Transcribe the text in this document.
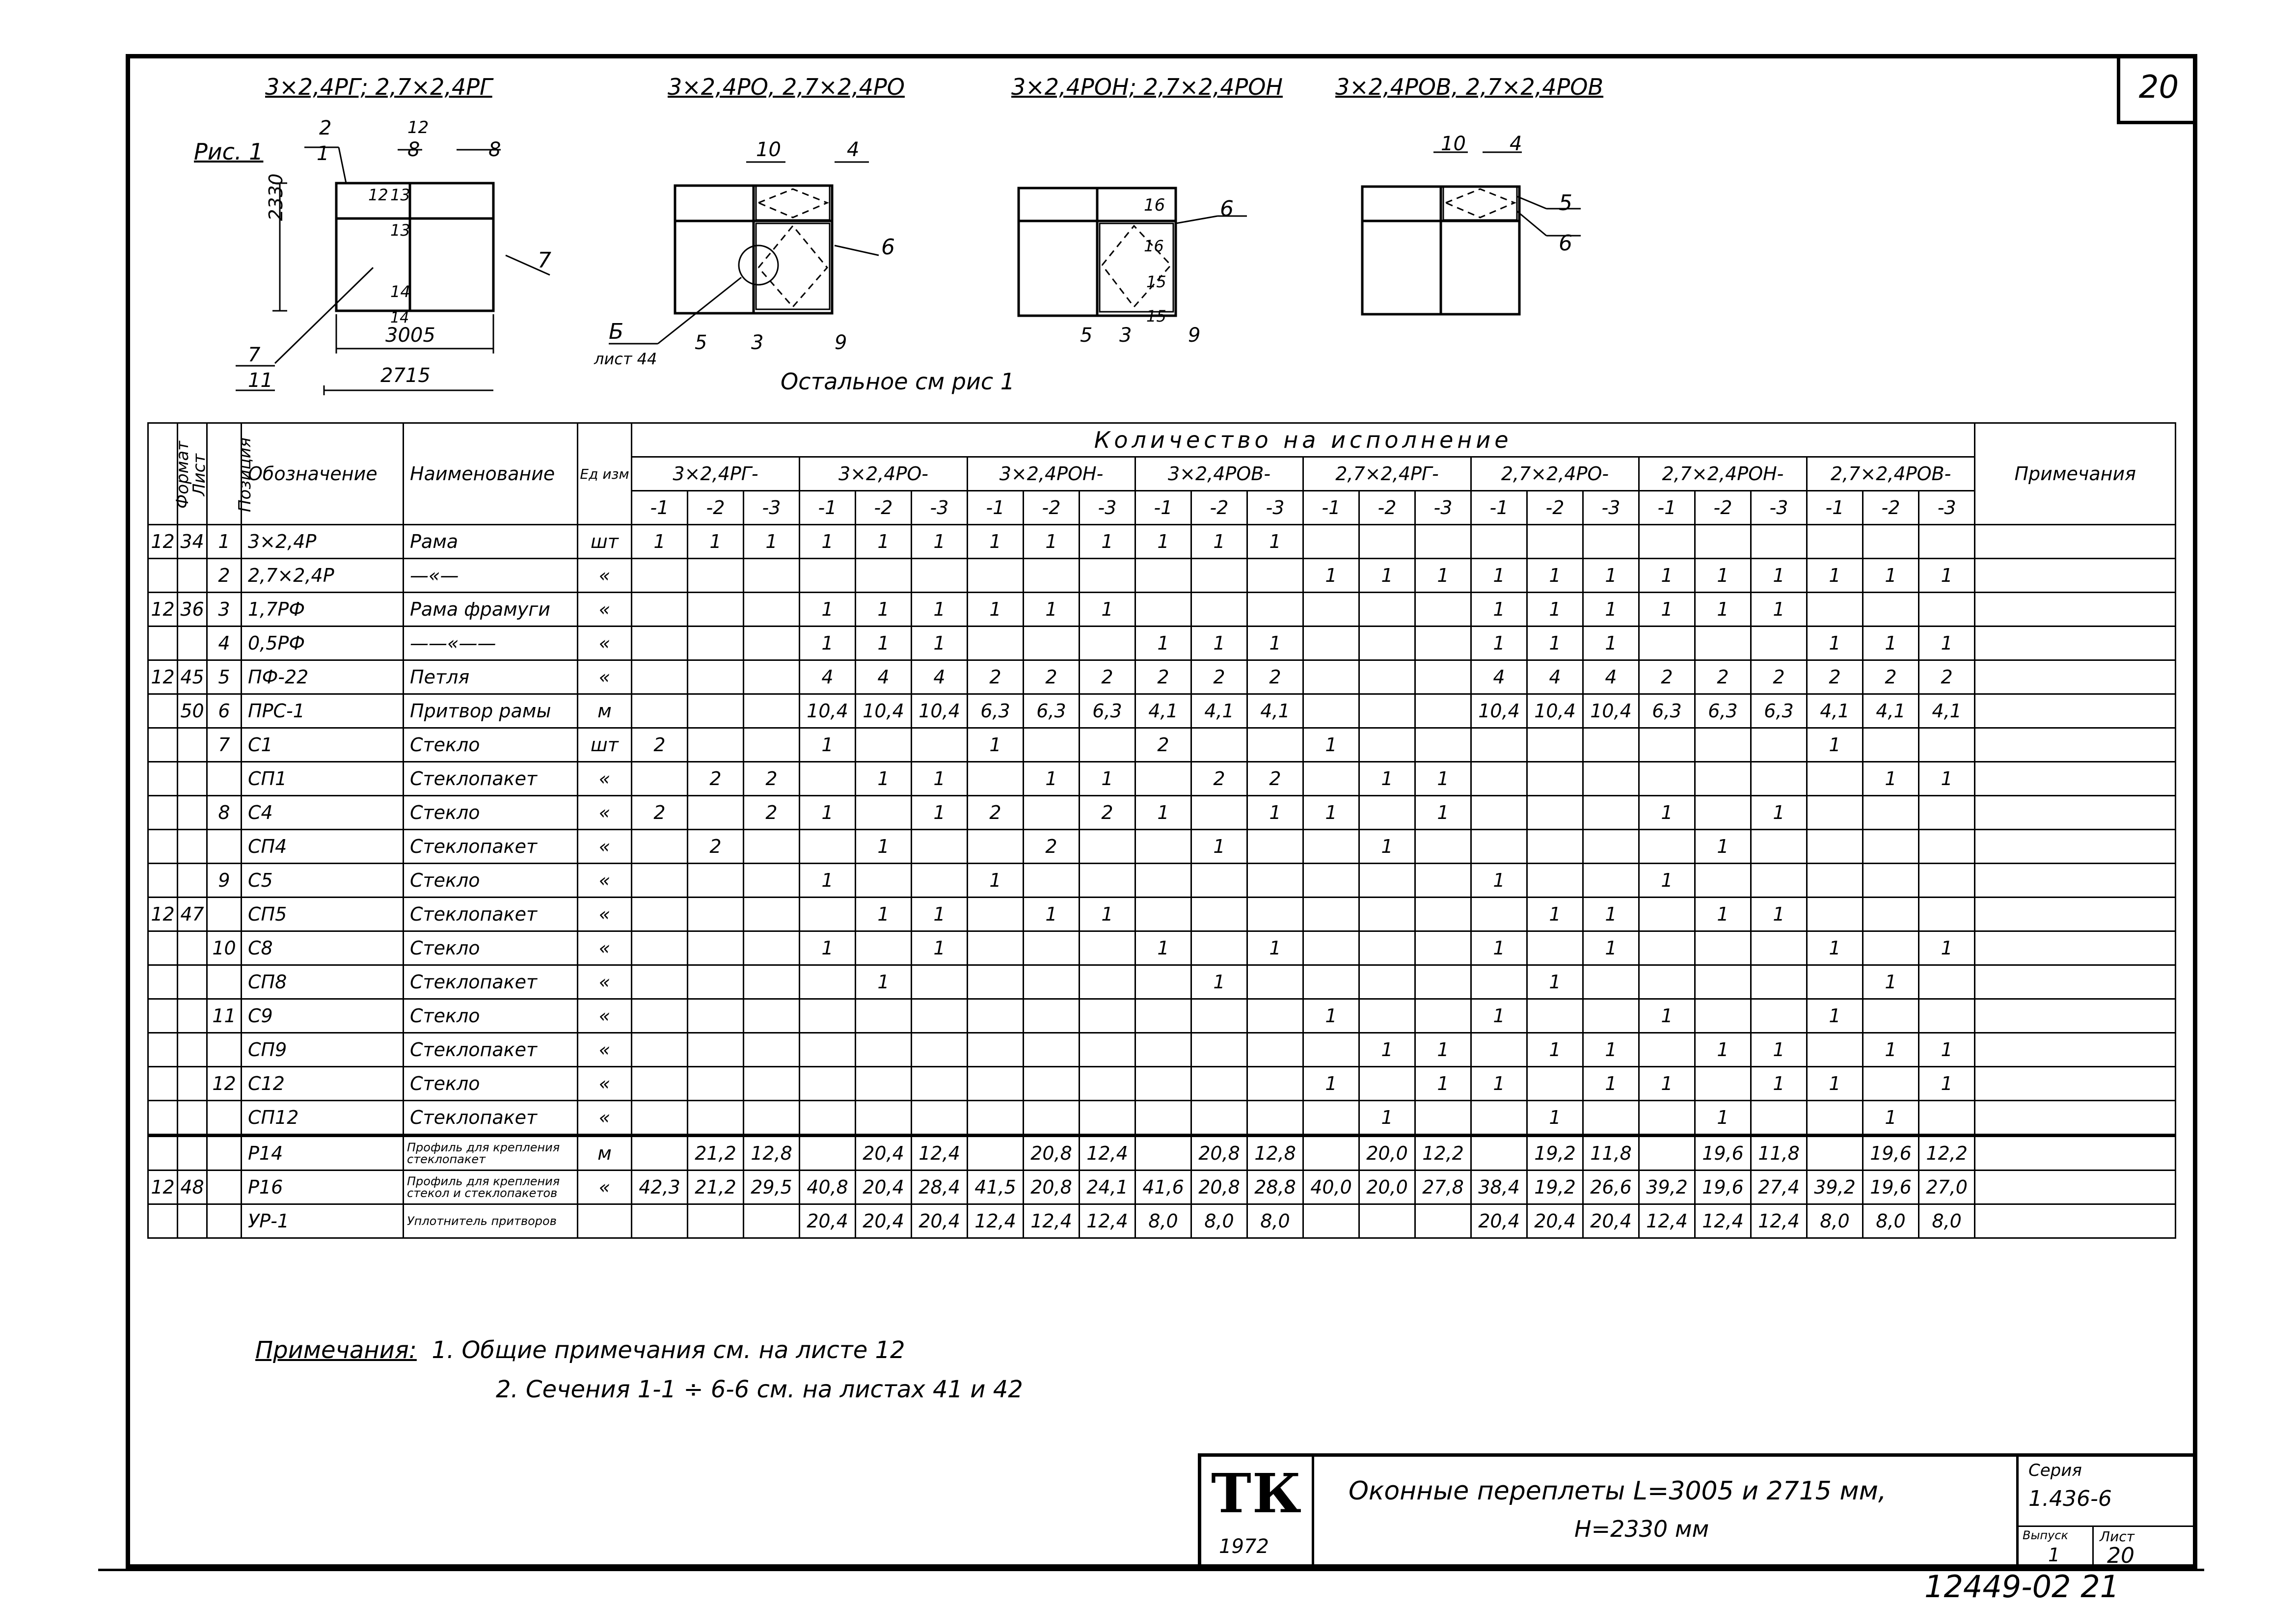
20
3×2,4РГ; 2,7×2,4РГ	3×2,4РО, 2,7×2,4РО	3×2,4РОН; 2,7×2,4РОН 3×2,4РОВ, 2,7×2,4РОВ
Рис. 1
2330
3005
2715
2
1
12
8	8
12 13
13
7
14
14
7
11
10	4
6
Б
лист 44
5 3	9
16
16
6
15
5 3
15
9
10 4
5
6
Остальное см рис 1
Формат	Лист	Позиция	Обозначение	Наименование	Ед изм	Количество на исполнение																								Примечания
						3×2,4РГ-			3×2,4РО-			3×2,4РОН-			3×2,4РОВ-			2,7×2,4РГ-			2,7×2,4РО-			2,7×2,4РОН-			2,7×2,4РОВ-			
						-1	-2	-3	-1	-2	-3	-1	-2	-3	-1	-2	-3	-1	-2	-3	-1	-2	-3	-1	-2	-3	-1	-2	-3	
12	34	1	3×2,4Р	Рама	шт	1	1	1	1	1	1	1	1	1	1	1	1													
		2	2,7×2,4Р	—«—	«													1	1	1	1	1	1	1	1	1	1	1	1	
12	36	3	1,7РФ	Рама фрамуги	«				1	1	1	1	1	1							1	1	1	1	1	1				
		4	0,5РФ	——«——	«				1	1	1				1	1	1				1	1	1				1	1	1	
12	45	5	ПФ-22	Петля	«				4	4	4	2	2	2	2	2	2				4	4	4	2	2	2	2	2	2	
	50	6	ПРС-1	Притвор рамы	м				10,4	10,4	10,4	6,3	6,3	6,3	4,1	4,1	4,1				10,4	10,4	10,4	6,3	6,3	6,3	4,1	4,1	4,1	
		7	С1	Стекло	шт	2			1			1			2			1									1			
			СП1	Стеклопакет	«		2	2		1	1		1	1		2	2		1	1								1	1	
		8	С4	Стекло	«	2		2	1		1	2		2	1		1	1		1				1		1				
			СП4	Стеклопакет	«		2			1			2			1			1						1					
		9	С5	Стекло	«				1			1									1			1						
12	47		СП5	Стеклопакет	«					1	1		1	1								1	1		1	1				
		10	С8	Стекло	«				1		1				1		1				1		1				1		1	
			СП8	Стеклопакет	«					1						1						1						1		
		11	С9	Стекло	«													1			1			1			1			
			СП9	Стеклопакет	«														1	1		1	1		1	1		1	1	
		12	С12	Стекло	«													1		1	1		1	1		1	1		1	
			СП12	Стеклопакет	«														1			1			1			1		
			Р14	Профиль для крепления стеклопакет	м		21,2	12,8		20,4	12,4		20,8	12,4		20,8	12,8		20,0	12,2		19,2	11,8		19,6	11,8		19,6	12,2	
12	48		Р16	Профиль для крепления стекол и стеклопакетов	«	42,3	21,2	29,5	40,8	20,4	28,4	41,5	20,8	24,1	41,6	20,8	28,8	40,0	20,0	27,8	38,4	19,2	26,6	39,2	19,6	27,4	39,2	19,6	27,0	
			УР-1	Уплотнитель притворов					20,4	20,4	20,4	12,4	12,4	12,4	8,0	8,0	8,0				20,4	20,4	20,4	12,4	12,4	12,4	8,0	8,0	8,0	
Примечания: 1. Общие примечания см. на листе 12
2. Сечения 1-1 ÷ 6-6 см. на листах 41 и 42
ТК
1972
Оконные переплеты L=3005 и 2715 мм,
H=2330 мм
Серия
1.436-6
Выпуск
1
Лист
20
12449-02 21
